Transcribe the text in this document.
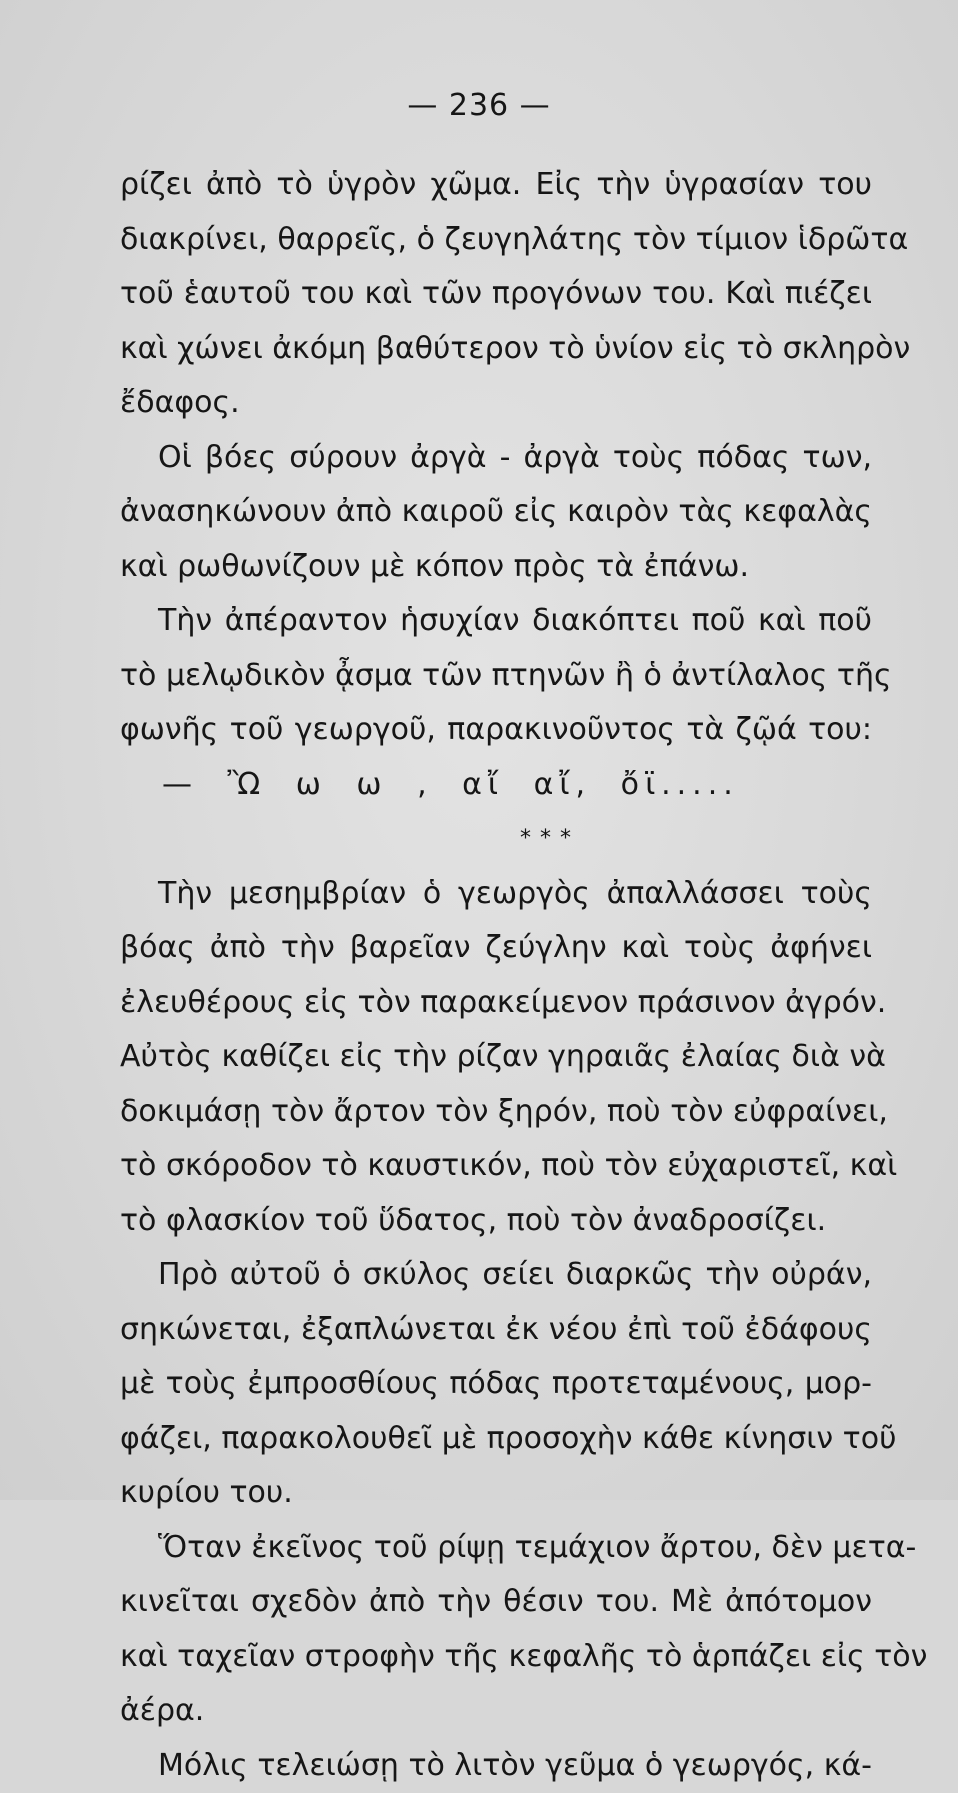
— 236 —
ρίζει ἀπὸ τὸ ὑγρὸν χῶμα. Εἰς τὴν ὑγρασίαν του
διακρίνει, θαρρεῖς, ὁ ζευγηλάτης τὸν τίμιον ἱδρῶτα
τοῦ ἑαυτοῦ του καὶ τῶν προγόνων του. Καὶ πιέζει
καὶ χώνει ἀκόμη βαθύτερον τὸ ὑνίον εἰς τὸ σκληρὸν
ἔδαφος.
Οἱ βόες σύρουν ἀργὰ - ἀργὰ τοὺς πόδας των,
ἀνασηκώνουν ἀπὸ καιροῦ εἰς καιρὸν τὰς κεφαλὰς
καὶ ρωθωνίζουν μὲ κόπον πρὸς τὰ ἐπάνω.
Τὴν ἀπέραντον ἡσυχίαν διακόπτει ποῦ καὶ ποῦ
τὸ μελῳδικὸν ᾆσμα τῶν πτηνῶν ἢ ὁ ἀντίλαλος τῆς
φωνῆς τοῦ γεωργοῦ, παρακινοῦντος τὰ ζῷά του:
— Ὢ ω ω , αἴ αἴ, ὄϊ.....
* * *
Τὴν μεσημβρίαν ὁ γεωργὸς ἀπαλλάσσει τοὺς
βόας ἀπὸ τὴν βαρεῖαν ζεύγλην καὶ τοὺς ἀφήνει
ἐλευθέρους εἰς τὸν παρακείμενον πράσινον ἀγρόν.
Αὐτὸς καθίζει εἰς τὴν ρίζαν γηραιᾶς ἐλαίας διὰ νὰ
δοκιμάσῃ τὸν ἄρτον τὸν ξηρόν, ποὺ τὸν εὐφραίνει,
τὸ σκόροδον τὸ καυστικόν, ποὺ τὸν εὐχαριστεῖ, καὶ
τὸ φλασκίον τοῦ ὕδατος, ποὺ τὸν ἀναδροσίζει.
Πρὸ αὐτοῦ ὁ σκύλος σείει διαρκῶς τὴν οὐράν,
σηκώνεται, ἐξαπλώνεται ἐκ νέου ἐπὶ τοῦ ἐδάφους
μὲ τοὺς ἐμπροσθίους πόδας προτεταμένους, μορ-
φάζει, παρακολουθεῖ μὲ προσοχὴν κάθε κίνησιν τοῦ
κυρίου του.
Ὅταν ἐκεῖνος τοῦ ρίψῃ τεμάχιον ἄρτου, δὲν μετα-
κινεῖται σχεδὸν ἀπὸ τὴν θέσιν του. Μὲ ἀπότομον
καὶ ταχεῖαν στροφὴν τῆς κεφαλῆς τὸ ἁρπάζει εἰς τὸν
ἀέρα.
Μόλις τελειώσῃ τὸ λιτὸν γεῦμα ὁ γεωργός, κά-
